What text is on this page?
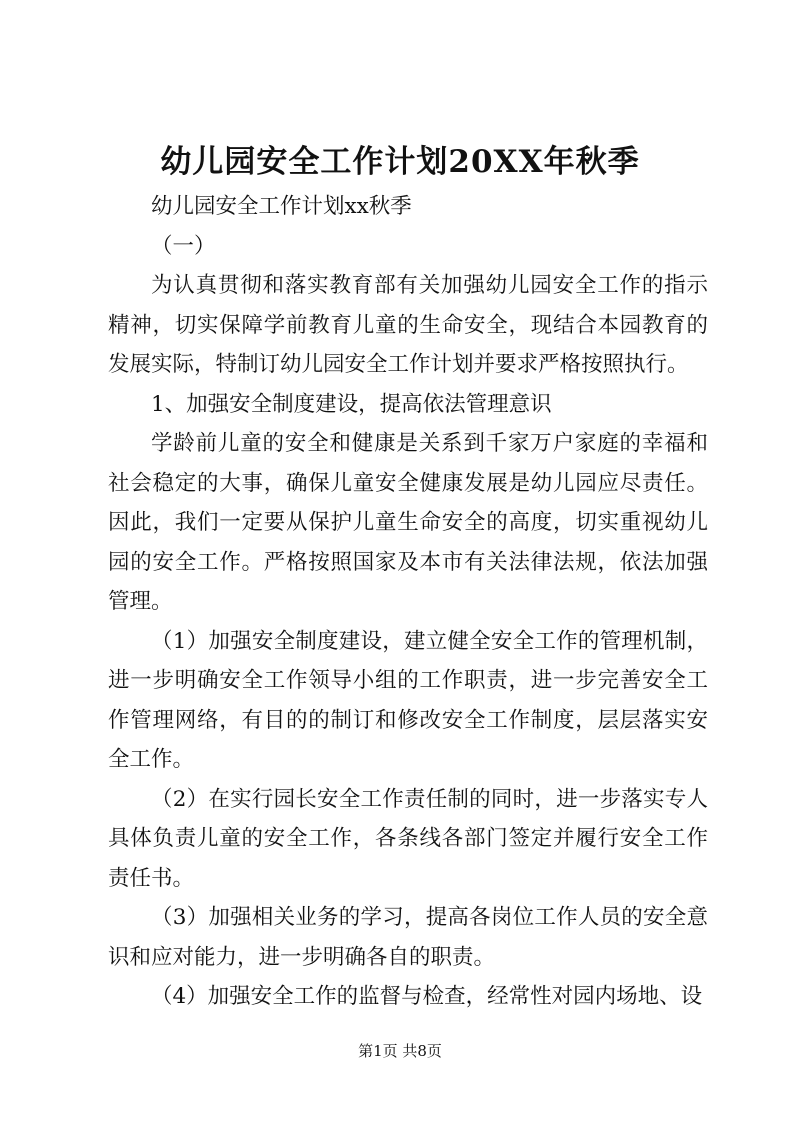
幼儿园安全工作计划20XX年秋季

幼儿园安全工作计划xx秋季

（一）

为认真贯彻和落实教育部有关加强幼儿园安全工作的指示精神，切实保障学前教育儿童的生命安全，现结合本园教育的发展实际，特制订幼儿园安全工作计划并要求严格按照执行。

1、加强安全制度建设，提高依法管理意识

学龄前儿童的安全和健康是关系到千家万户家庭的幸福和社会稳定的大事，确保儿童安全健康发展是幼儿园应尽责任。因此，我们一定要从保护儿童生命安全的高度，切实重视幼儿园的安全工作。严格按照国家及本市有关法律法规，依法加强管理。

（1）加强安全制度建设，建立健全安全工作的管理机制，进一步明确安全工作领导小组的工作职责，进一步完善安全工作管理网络，有目的的制订和修改安全工作制度，层层落实安全工作。

（2）在实行园长安全工作责任制的同时，进一步落实专人具体负责儿童的安全工作，各条线各部门签定并履行安全工作责任书。

（3）加强相关业务的学习，提高各岗位工作人员的安全意识和应对能力，进一步明确各自的职责。

（4）加强安全工作的监督与检查，经常性对园内场地、设

第1页 共8页
